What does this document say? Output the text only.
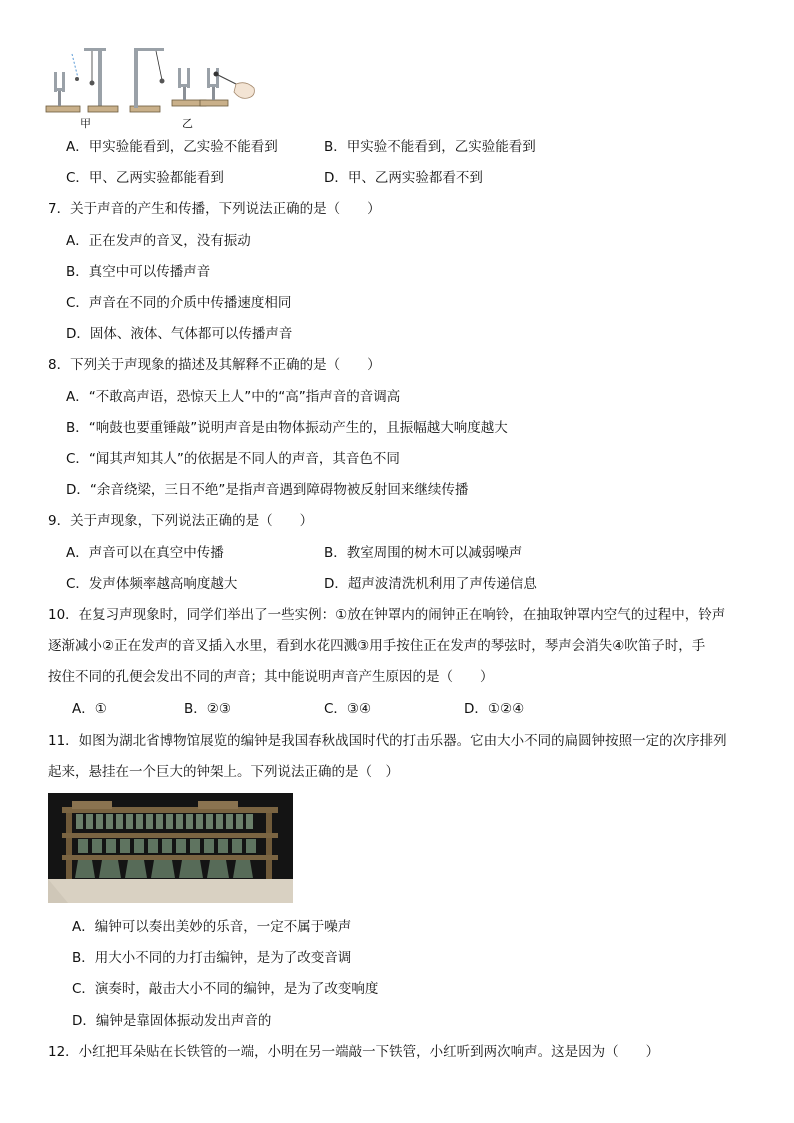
甲	乙
A．甲实验能看到，乙实验不能看到	B．甲实验不能看到，乙实验能看到
C．甲、乙两实验都能看到	D．甲、乙两实验都看不到
7．关于声音的产生和传播，下列说法正确的是（　　）
A．正在发声的音叉，没有振动
B．真空中可以传播声音
C．声音在不同的介质中传播速度相同
D．固体、液体、气体都可以传播声音
8．下列关于声现象的描述及其解释不正确的是（　　）
A．“不敢高声语，恐惊天上人”中的“高”指声音的音调高
B．“响鼓也要重锤敲”说明声音是由物体振动产生的，且振幅越大响度越大
C．“闻其声知其人”的依据是不同人的声音，其音色不同
D．“余音绕梁，三日不绝”是指声音遇到障碍物被反射回来继续传播
9．关于声现象，下列说法正确的是（　　）
A．声音可以在真空中传播	B．教室周围的树木可以减弱噪声
C．发声体频率越高响度越大	D．超声波清洗机利用了声传递信息
10．在复习声现象时，同学们举出了一些实例：①放在钟罩内的闹钟正在响铃，在抽取钟罩内空气的过程中，铃声
逐渐减小②正在发声的音叉插入水里，看到水花四溅③用手按住正在发声的琴弦时，琴声会消失④吹笛子时，手
按住不同的孔便会发出不同的声音；其中能说明声音产生原因的是（　　）
A．①	B．②③	C．③④	D．①②④
11．如图为湖北省博物馆展览的编钟是我国春秋战国时代的打击乐器。它由大小不同的扁圆钟按照一定的次序排列
起来，悬挂在一个巨大的钟架上。下列说法正确的是（　）
A．编钟可以奏出美妙的乐音，一定不属于噪声
B．用大小不同的力打击编钟，是为了改变音调
C．演奏时，敲击大小不同的编钟，是为了改变响度
D．编钟是靠固体振动发出声音的
12．小红把耳朵贴在长铁管的一端，小明在另一端敲一下铁管，小红听到两次响声。这是因为（　　）
